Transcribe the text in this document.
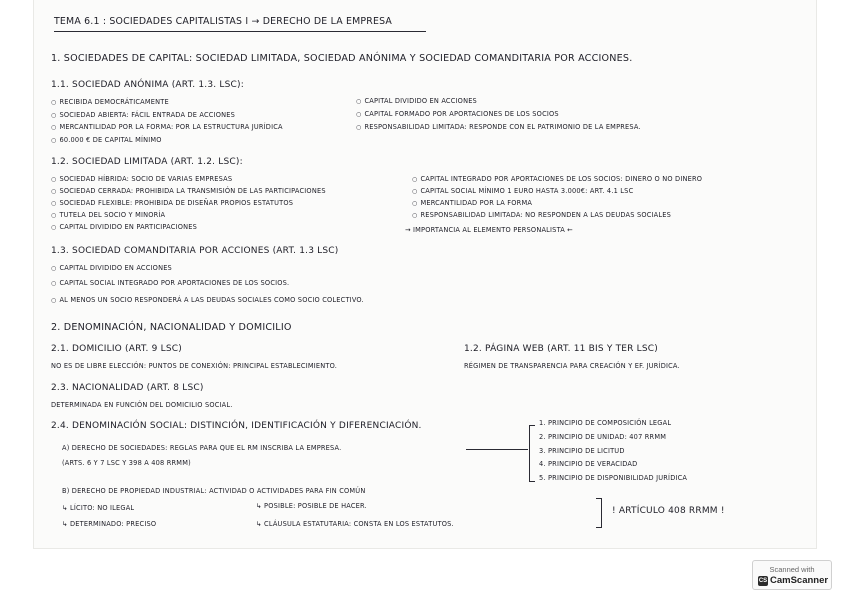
TEMA 6.1 : SOCIEDADES CAPITALISTAS I → DERECHO DE LA EMPRESA
1. SOCIEDADES DE CAPITAL: SOCIEDAD LIMITADA, SOCIEDAD ANÓNIMA Y SOCIEDAD COMANDITARIA POR ACCIONES.
1.1. SOCIEDAD ANÓNIMA (ART. 1.3. LSC):
○ RECIBIDA DEMOCRÁTICAMENTE
○ SOCIEDAD ABIERTA: FÁCIL ENTRADA DE ACCIONES
○ MERCANTILIDAD POR LA FORMA: POR LA ESTRUCTURA JURÍDICA
○ 60.000 € DE CAPITAL MÍNIMO
○ CAPITAL DIVIDIDO EN ACCIONES
○ CAPITAL FORMADO POR APORTACIONES DE LOS SOCIOS
○ RESPONSABILIDAD LIMITADA: RESPONDE CON EL PATRIMONIO DE LA EMPRESA.
1.2. SOCIEDAD LIMITADA (ART. 1.2. LSC):
○ SOCIEDAD HÍBRIDA: SOCIO DE VARIAS EMPRESAS
○ SOCIEDAD CERRADA: PROHIBIDA LA TRANSMISIÓN DE LAS PARTICIPACIONES
○ SOCIEDAD FLEXIBLE: PROHIBIDA DE DISEÑAR PROPIOS ESTATUTOS
○ TUTELA DEL SOCIO Y MINORÍA
○ CAPITAL DIVIDIDO EN PARTICIPACIONES
○ CAPITAL INTEGRADO POR APORTACIONES DE LOS SOCIOS: DINERO O NO DINERO
○ CAPITAL SOCIAL MÍNIMO 1 EURO HASTA 3.000€: ART. 4.1 LSC
○ MERCANTILIDAD POR LA FORMA
○ RESPONSABILIDAD LIMITADA: NO RESPONDEN A LAS DEUDAS SOCIALES
→ IMPORTANCIA AL ELEMENTO PERSONALISTA ←
1.3. SOCIEDAD COMANDITARIA POR ACCIONES (ART. 1.3 LSC)
○ CAPITAL DIVIDIDO EN ACCIONES
○ CAPITAL SOCIAL INTEGRADO POR APORTACIONES DE LOS SOCIOS.
○ AL MENOS UN SOCIO RESPONDERÁ A LAS DEUDAS SOCIALES COMO SOCIO COLECTIVO.
2. DENOMINACIÓN, NACIONALIDAD Y DOMICILIO
2.1. DOMICILIO (ART. 9 LSC)
NO ES DE LIBRE ELECCIÓN: PUNTOS DE CONEXIÓN: PRINCIPAL ESTABLECIMIENTO.
1.2. PÁGINA WEB (ART. 11 BIS Y TER LSC)
RÉGIMEN DE TRANSPARENCIA PARA CREACIÓN Y EF. JURÍDICA.
2.3. NACIONALIDAD (ART. 8 LSC)
DETERMINADA EN FUNCIÓN DEL DOMICILIO SOCIAL.
2.4. DENOMINACIÓN SOCIAL: DISTINCIÓN, IDENTIFICACIÓN Y DIFERENCIACIÓN.
A) DERECHO DE SOCIEDADES: REGLAS PARA QUE EL RM INSCRIBA LA EMPRESA.
(ARTS. 6 Y 7 LSC Y 398 A 408 RRMM)
1. PRINCIPIO DE COMPOSICIÓN LEGAL
2. PRINCIPIO DE UNIDAD: 407 RRMM
3. PRINCIPIO DE LICITUD
4. PRINCIPIO DE VERACIDAD
5. PRINCIPIO DE DISPONIBILIDAD JURÍDICA
B) DERECHO DE PROPIEDAD INDUSTRIAL: ACTIVIDAD O ACTIVIDADES PARA FIN COMÚN
↳ LÍCITO: NO ILEGAL
↳ DETERMINADO: PRECISO
↳ POSIBLE: POSIBLE DE HACER.
↳ CLÁUSULA ESTATUTARIA: CONSTA EN LOS ESTATUTOS.
! ARTÍCULO 408 RRMM !
Scanned with
CS CamScanner
